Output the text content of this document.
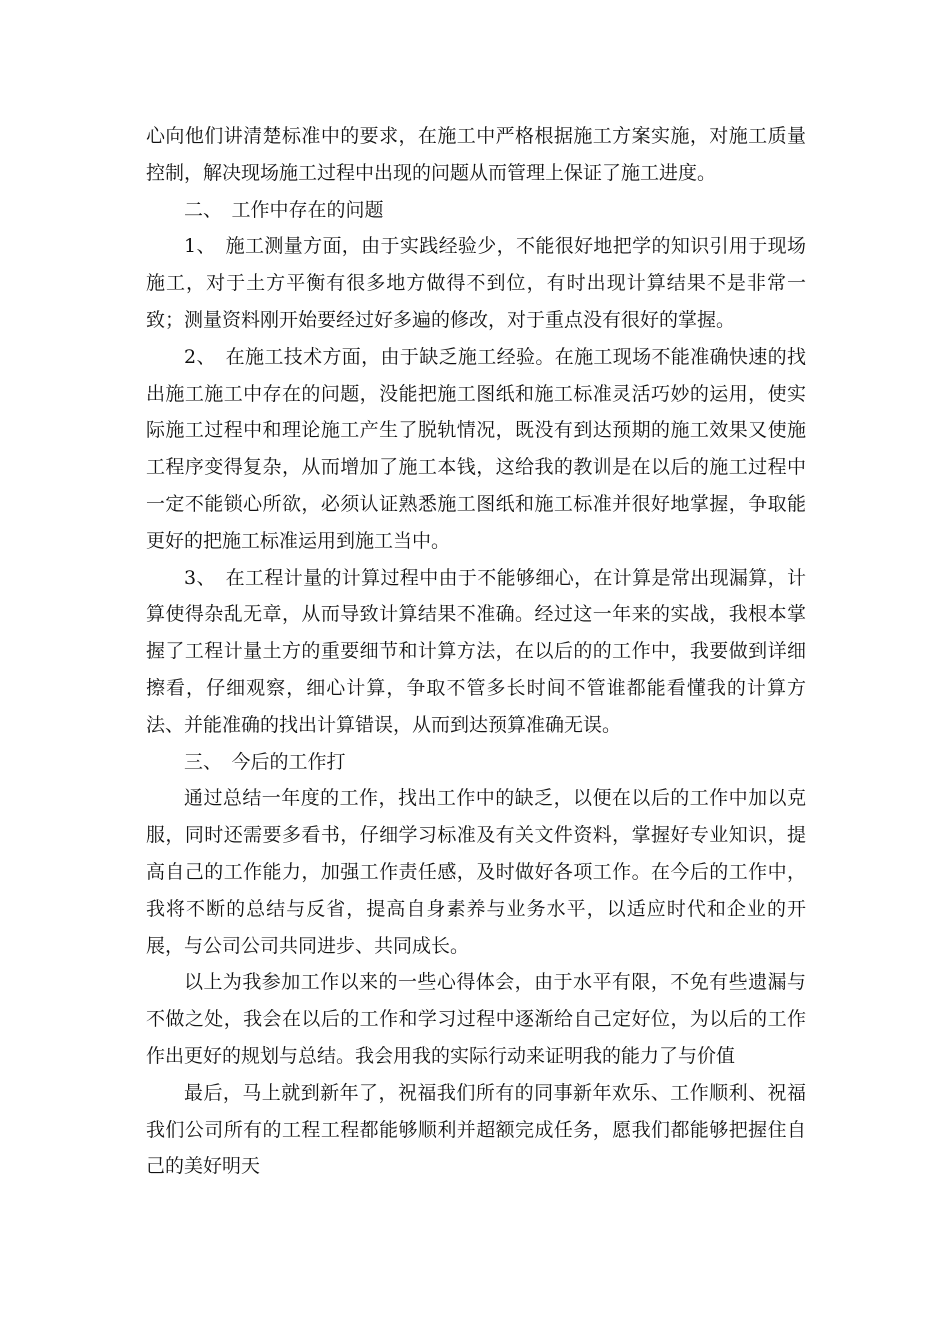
心向他们讲清楚标准中的要求，在施工中严格根据施工方案实施，对施工质量控制，解决现场施工过程中出现的问题从而管理上保证了施工进度。

二、　工作中存在的问题

1、　施工测量方面，由于实践经验少，不能很好地把学的知识引用于现场施工，对于土方平衡有很多地方做得不到位，有时出现计算结果不是非常一致；测量资料刚开始要经过好多遍的修改，对于重点没有很好的掌握。

2、　在施工技术方面，由于缺乏施工经验。在施工现场不能准确快速的找出施工施工中存在的问题，没能把施工图纸和施工标准灵活巧妙的运用，使实际施工过程中和理论施工产生了脱轨情况，既没有到达预期的施工效果又使施工程序变得复杂，从而增加了施工本钱，这给我的教训是在以后的施工过程中一定不能锁心所欲，必须认证熟悉施工图纸和施工标准并很好地掌握，争取能更好的把施工标准运用到施工当中。

3、　在工程计量的计算过程中由于不能够细心，在计算是常出现漏算，计算使得杂乱无章，从而导致计算结果不准确。经过这一年来的实战，我根本掌握了工程计量土方的重要细节和计算方法，在以后的的工作中，我要做到详细擦看，仔细观察，细心计算，争取不管多长时间不管谁都能看懂我的计算方法、并能准确的找出计算错误，从而到达预算准确无误。

三、　今后的工作打

通过总结一年度的工作，找出工作中的缺乏，以便在以后的工作中加以克服，同时还需要多看书，仔细学习标准及有关文件资料，掌握好专业知识，提高自己的工作能力，加强工作责任感，及时做好各项工作。在今后的工作中，我将不断的总结与反省，提高自身素养与业务水平，以适应时代和企业的开展，与公司公司共同进步、共同成长。

以上为我参加工作以来的一些心得体会，由于水平有限，不免有些遗漏与不做之处，我会在以后的工作和学习过程中逐渐给自己定好位，为以后的工作作出更好的规划与总结。我会用我的实际行动来证明我的能力了与价值

最后，马上就到新年了，祝福我们所有的同事新年欢乐、工作顺利、祝福我们公司所有的工程工程都能够顺利并超额完成任务，愿我们都能够把握住自己的美好明天
